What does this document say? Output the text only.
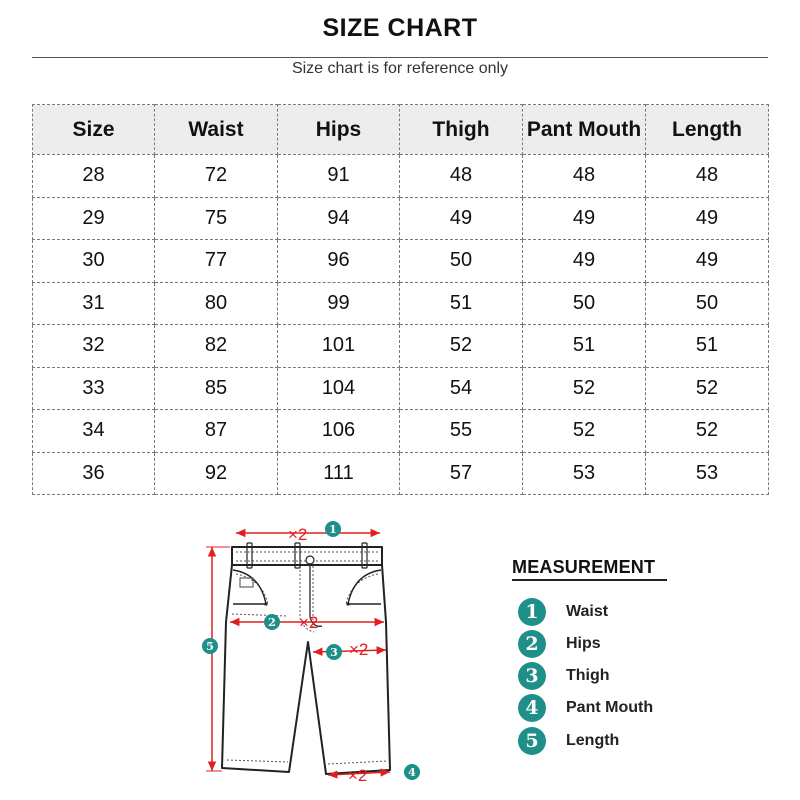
SIZE CHART
Size chart is for reference only
Size	Waist	Hips	Thigh	Pant Mouth	Length
28	72	91	48	48	48
29	75	94	49	49	49
30	77	96	50	49	49
31	80	99	51	50	50
32	82	101	52	51	51
33	85	104	54	52	52
34	87	106	55	52	52
36	92	111	57	53	53
×2
×2
×2
×2
1
2
3
4
5
MEASUREMENT
1	Waist
2	Hips
3	Thigh
4	Pant Mouth
5	Length
